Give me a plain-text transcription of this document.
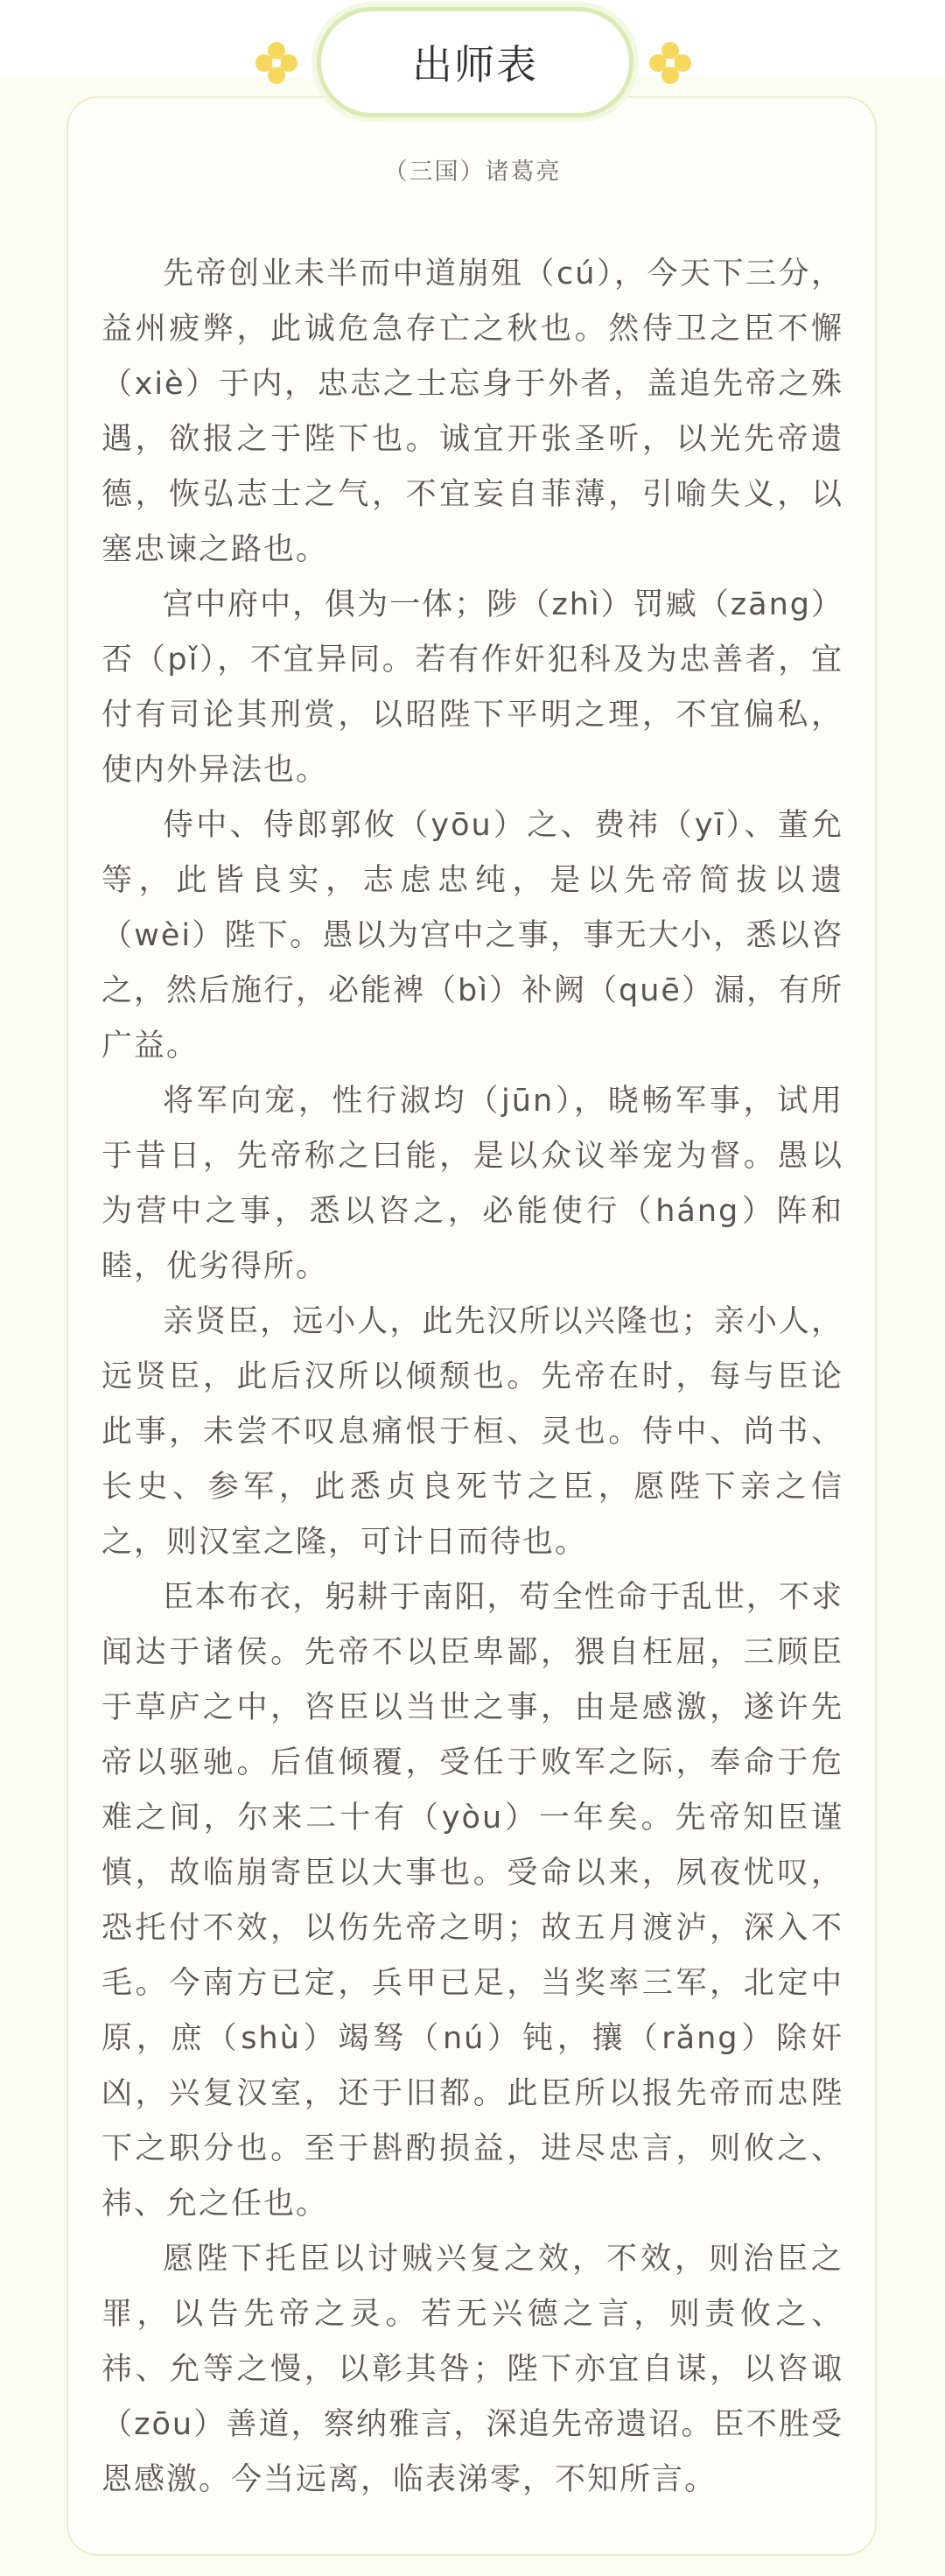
出师表
（三国）诸葛亮

先帝创业未半而中道崩殂（cú），今天下三分，益州疲弊，此诚危急存亡之秋也。然侍卫之臣不懈（xiè）于内，忠志之士忘身于外者，盖追先帝之殊遇，欲报之于陛下也。诚宜开张圣听，以光先帝遗德，恢弘志士之气，不宜妄自菲薄，引喻失义，以塞忠谏之路也。

宫中府中，俱为一体；陟（zhì）罚臧（zāng）否（pǐ），不宜异同。若有作奸犯科及为忠善者，宜付有司论其刑赏，以昭陛下平明之理，不宜偏私，使内外异法也。

侍中、侍郎郭攸（yōu）之、费祎（yī）、董允等，此皆良实，志虑忠纯，是以先帝简拔以遗（wèi）陛下。愚以为宫中之事，事无大小，悉以咨之，然后施行，必能裨（bì）补阙（quē）漏，有所广益。

将军向宠，性行淑均（jūn），晓畅军事，试用于昔日，先帝称之曰能，是以众议举宠为督。愚以为营中之事，悉以咨之，必能使行（háng）阵和睦，优劣得所。

亲贤臣，远小人，此先汉所以兴隆也；亲小人，远贤臣，此后汉所以倾颓也。先帝在时，每与臣论此事，未尝不叹息痛恨于桓、灵也。侍中、尚书、长史、参军，此悉贞良死节之臣，愿陛下亲之信之，则汉室之隆，可计日而待也。

臣本布衣，躬耕于南阳，苟全性命于乱世，不求闻达于诸侯。先帝不以臣卑鄙，猥自枉屈，三顾臣于草庐之中，咨臣以当世之事，由是感激，遂许先帝以驱驰。后值倾覆，受任于败军之际，奉命于危难之间，尔来二十有（yòu）一年矣。先帝知臣谨慎，故临崩寄臣以大事也。受命以来，夙夜忧叹，恐托付不效，以伤先帝之明；故五月渡泸，深入不毛。今南方已定，兵甲已足，当奖率三军，北定中原，庶（shù）竭驽（nú）钝，攘（rǎng）除奸凶，兴复汉室，还于旧都。此臣所以报先帝而忠陛下之职分也。至于斟酌损益，进尽忠言，则攸之、祎、允之任也。

愿陛下托臣以讨贼兴复之效，不效，则治臣之罪，以告先帝之灵。若无兴德之言，则责攸之、祎、允等之慢，以彰其咎；陛下亦宜自谋，以咨诹（zōu）善道，察纳雅言，深追先帝遗诏。臣不胜受恩感激。今当远离，临表涕零，不知所言。
